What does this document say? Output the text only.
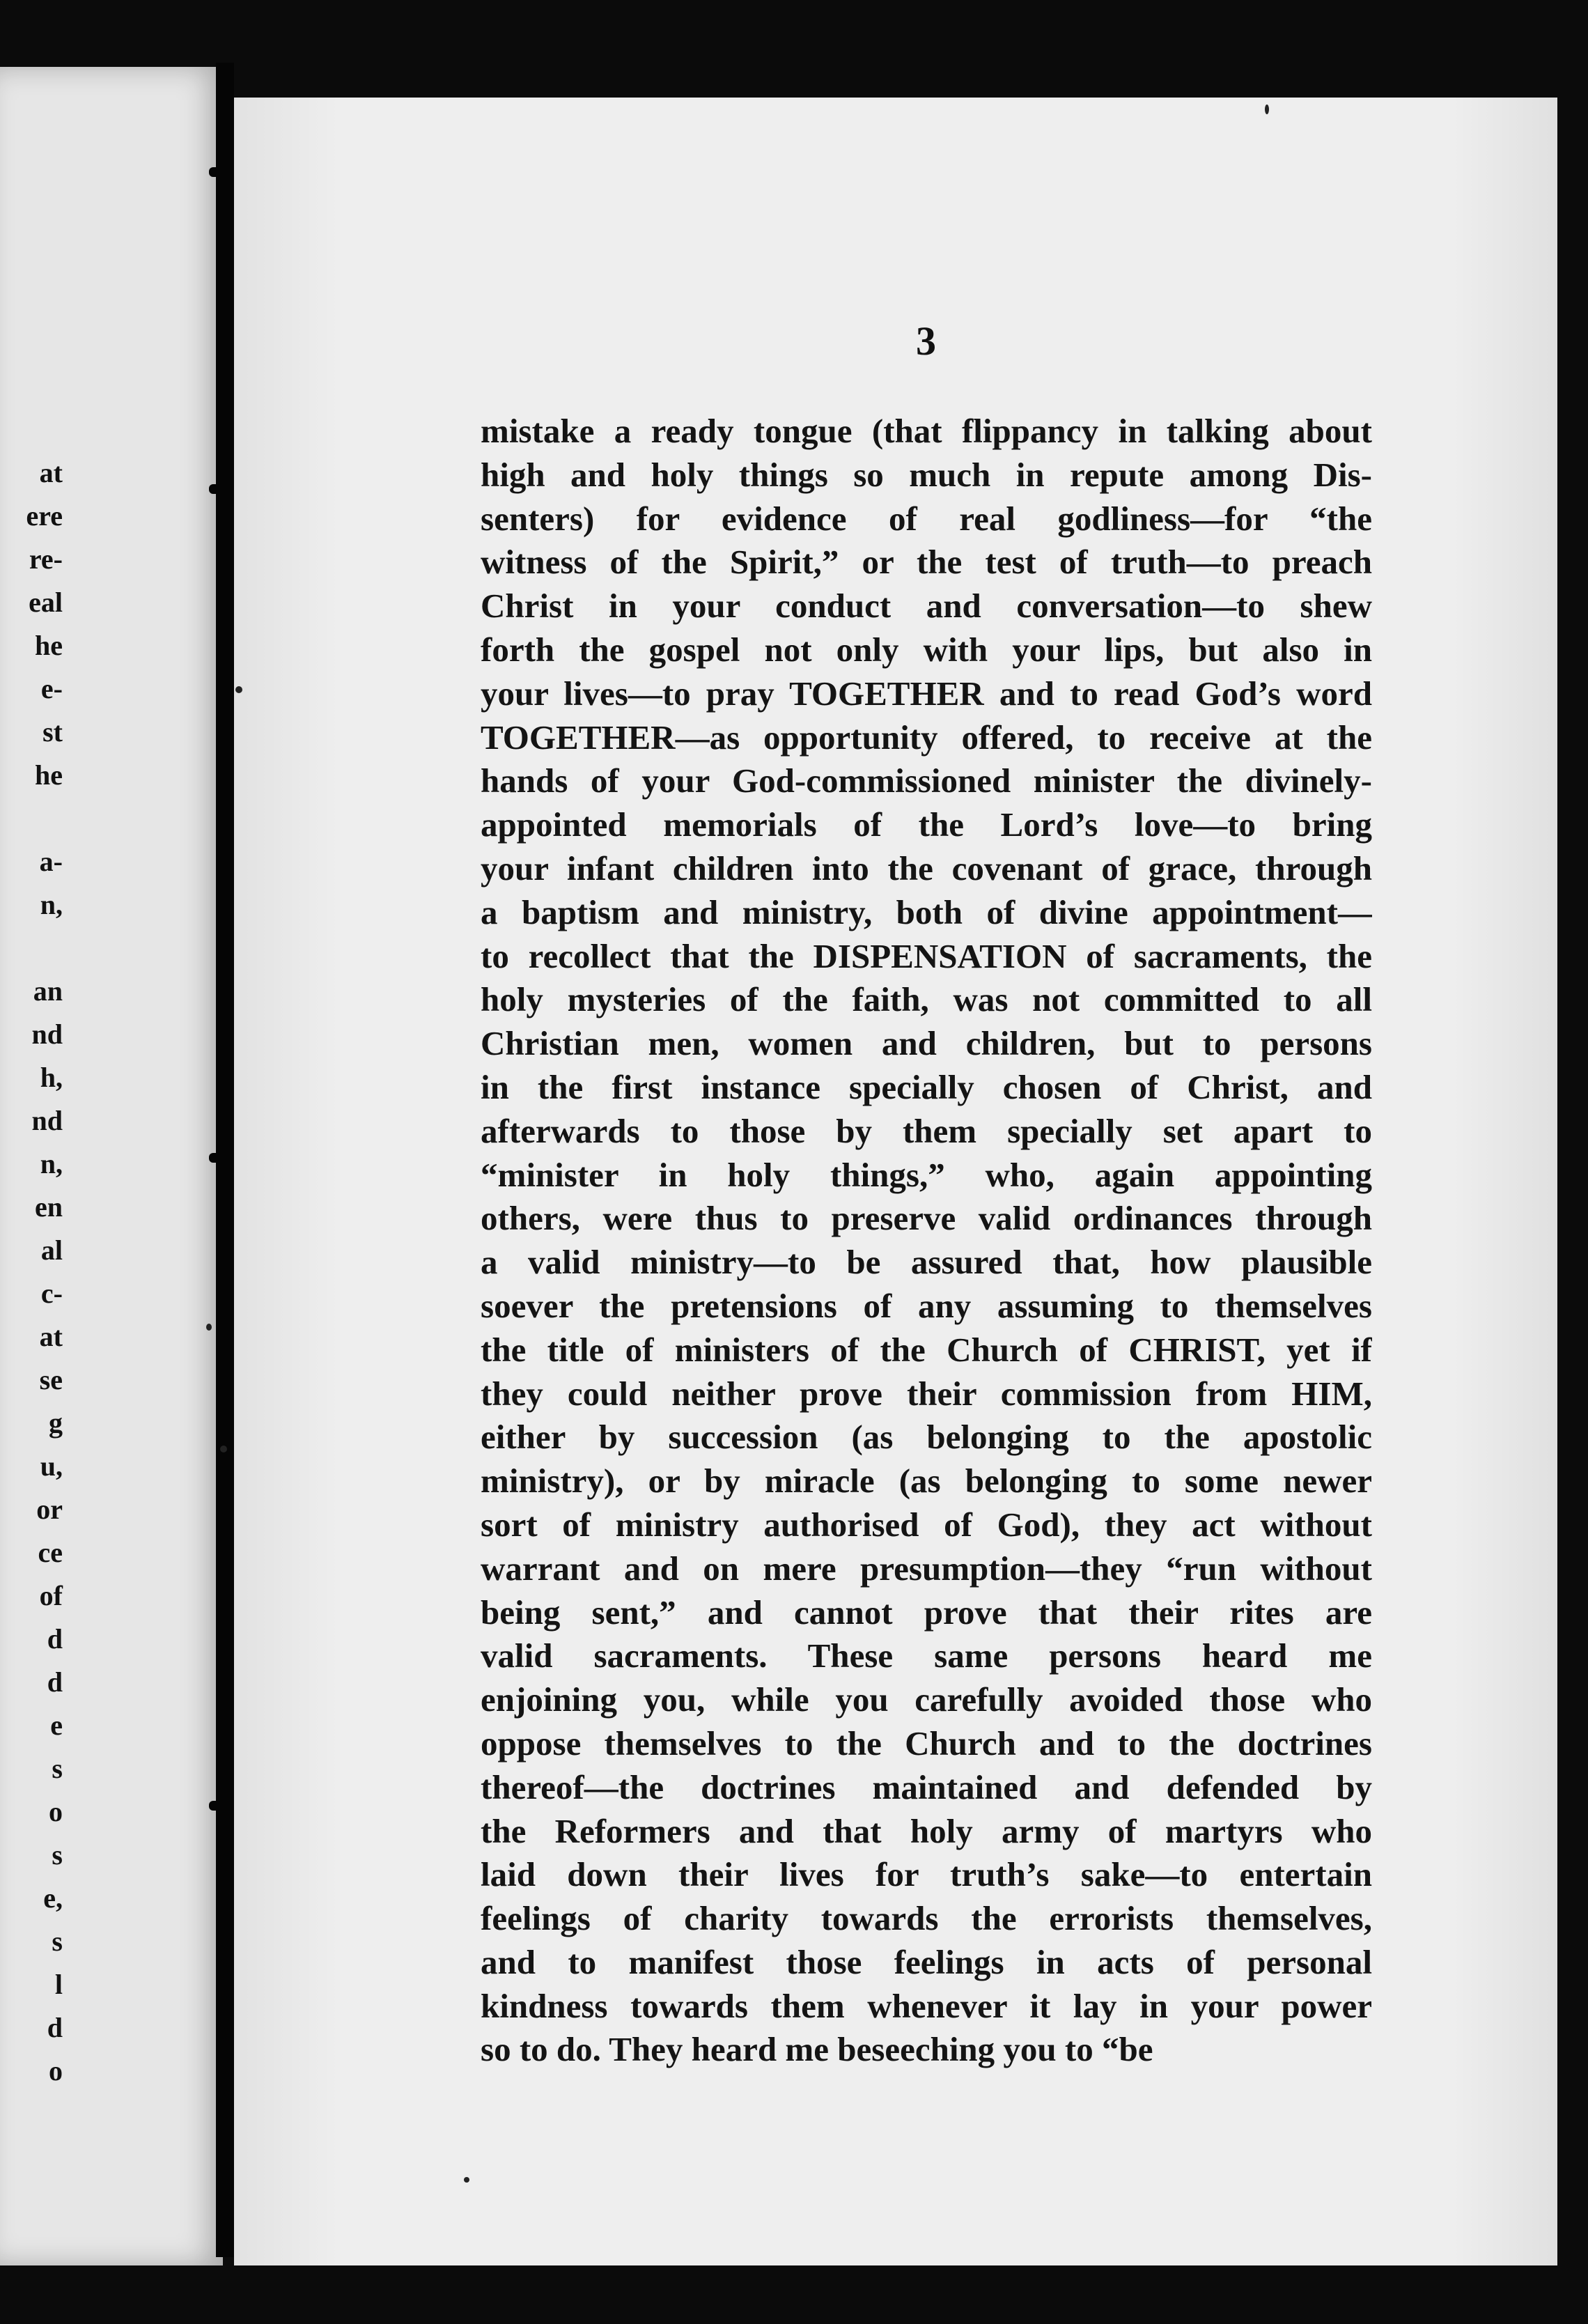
at
ere
re-
eal
he
e-
st
he
a-
n,
an
nd
h,
nd
n,
en
al
c-
at
se
g
u,
or
ce
of
d
d
e
s
o
s
e,
s
l
d
o
3
mistake a ready tongue (that flippancy in talking about
high and holy things so much in repute among Dis-
senters) for evidence of real godliness—for “the
witness of the Spirit,” or the test of truth—to preach
Christ in your conduct and conversation—to shew
forth the gospel not only with your lips, but also in
your lives—to pray TOGETHER and to read God’s word
TOGETHER—as opportunity offered, to receive at the
hands of your God-commissioned minister the divinely-
appointed memorials of the Lord’s love—to bring
your infant children into the covenant of grace, through
a baptism and ministry, both of divine appointment—
to recollect that the DISPENSATION of sacraments, the
holy mysteries of the faith, was not committed to all
Christian men, women and children, but to persons
in the first instance specially chosen of Christ, and
afterwards to those by them specially set apart to
“minister in holy things,” who, again appointing
others, were thus to preserve valid ordinances through
a valid ministry—to be assured that, how plausible
soever the pretensions of any assuming to themselves
the title of ministers of the Church of CHRIST, yet if
they could neither prove their commission from HIM,
either by succession (as belonging to the apostolic
ministry), or by miracle (as belonging to some newer
sort of ministry authorised of God), they act without
warrant and on mere presumption—they “run without
being sent,” and cannot prove that their rites are
valid sacraments. These same persons heard me
enjoining you, while you carefully avoided those who
oppose themselves to the Church and to the doctrines
thereof—the doctrines maintained and defended by
the Reformers and that holy army of martyrs who
laid down their lives for truth’s sake—to entertain
feelings of charity towards the errorists themselves,
and to manifest those feelings in acts of personal
kindness towards them whenever it lay in your power
so to do. They heard me beseeching you to “be
